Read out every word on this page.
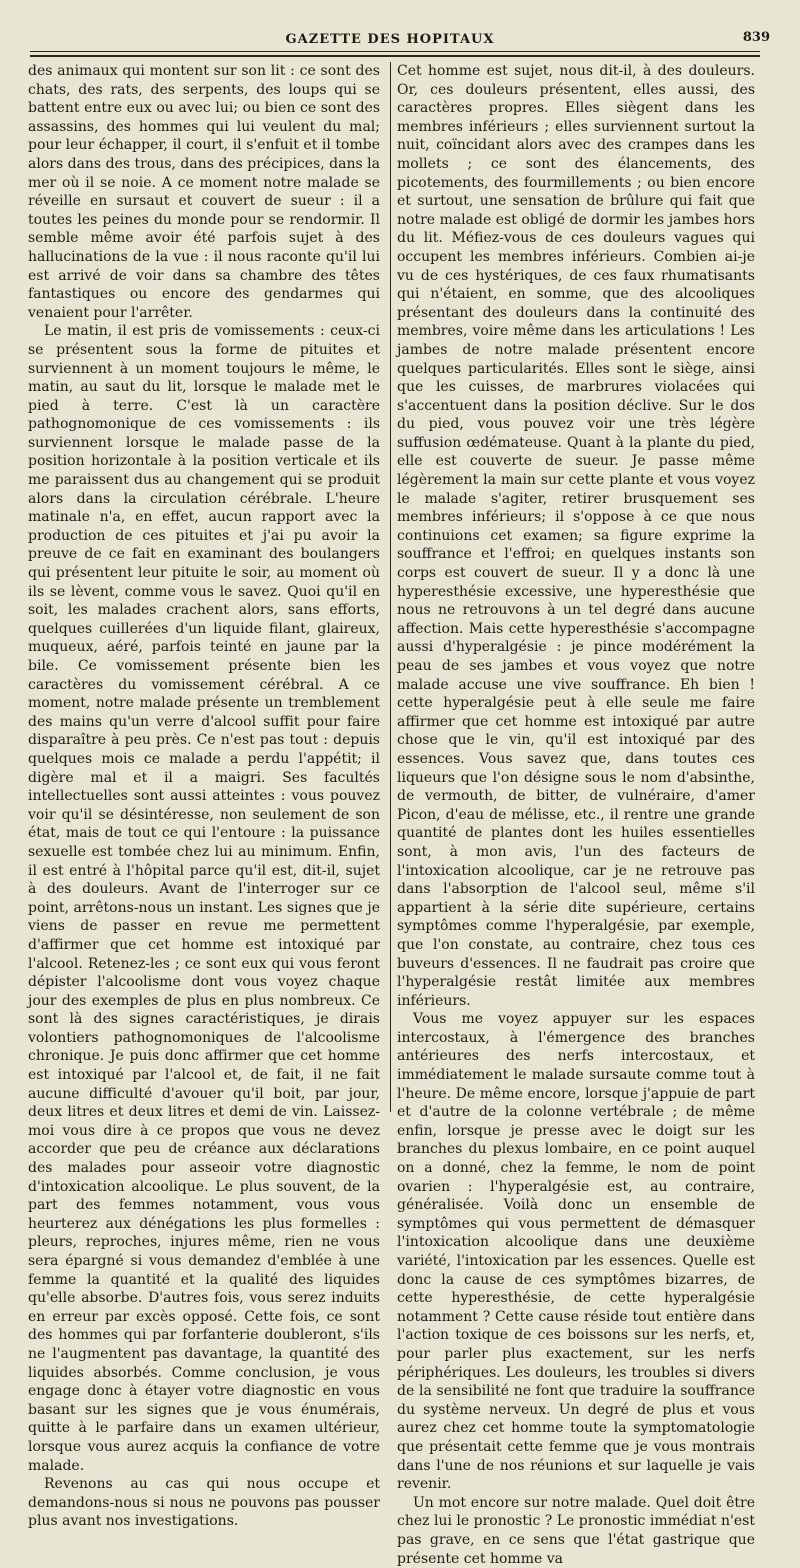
GAZETTE DES HOPITAUX	839

des animaux qui montent sur son lit : ce sont des chats, des rats, des serpents, des loups qui se battent entre eux ou avec lui; ou bien ce sont des assassins, des hommes qui lui veulent du mal; pour leur échapper, il court, il s'enfuit et il tombe alors dans des trous, dans des précipices, dans la mer où il se noie. A ce moment notre malade se réveille en sursaut et couvert de sueur : il a toutes les peines du monde pour se rendormir. Il semble même avoir été parfois sujet à des hallucinations de la vue : il nous raconte qu'il lui est arrivé de voir dans sa chambre des têtes fantastiques ou encore des gendarmes qui venaient pour l'arrêter.

Le matin, il est pris de vomissements : ceux-ci se présentent sous la forme de pituites et surviennent à un moment toujours le même, le matin, au saut du lit, lorsque le malade met le pied à terre. C'est là un caractère pathognomonique de ces vomissements : ils surviennent lorsque le malade passe de la position horizontale à la position verticale et ils me paraissent dus au changement qui se produit alors dans la circulation cérébrale. L'heure matinale n'a, en effet, aucun rapport avec la production de ces pituites et j'ai pu avoir la preuve de ce fait en examinant des boulangers qui présentent leur pituite le soir, au moment où ils se lèvent, comme vous le savez. Quoi qu'il en soit, les malades crachent alors, sans efforts, quelques cuillerées d'un liquide filant, glaireux, muqueux, aéré, parfois teinté en jaune par la bile. Ce vomissement présente bien les caractères du vomissement cérébral. A ce moment, notre malade présente un tremblement des mains qu'un verre d'alcool suffit pour faire disparaître à peu près. Ce n'est pas tout : depuis quelques mois ce malade a perdu l'appétit; il digère mal et il a maigri. Ses facultés intellectuelles sont aussi atteintes : vous pouvez voir qu'il se désintéresse, non seulement de son état, mais de tout ce qui l'entoure : la puissance sexuelle est tombée chez lui au minimum. Enfin, il est entré à l'hôpital parce qu'il est, dit-il, sujet à des douleurs. Avant de l'interroger sur ce point, arrêtons-nous un instant. Les signes que je viens de passer en revue me permettent d'affirmer que cet homme est intoxiqué par l'alcool. Retenez-les ; ce sont eux qui vous feront dépister l'alcoolisme dont vous voyez chaque jour des exemples de plus en plus nombreux. Ce sont là des signes caractéristiques, je dirais volontiers pathognomoniques de l'alcoolisme chronique. Je puis donc affirmer que cet homme est intoxiqué par l'alcool et, de fait, il ne fait aucune difficulté d'avouer qu'il boit, par jour, deux litres et deux litres et demi de vin. Laissez-moi vous dire à ce propos que vous ne devez accorder que peu de créance aux déclarations des malades pour asseoir votre diagnostic d'intoxication alcoolique. Le plus souvent, de la part des femmes notamment, vous vous heurterez aux dénégations les plus formelles : pleurs, reproches, injures même, rien ne vous sera épargné si vous demandez d'emblée à une femme la quantité et la qualité des liquides qu'elle absorbe. D'autres fois, vous serez induits en erreur par excès opposé. Cette fois, ce sont des hommes qui par forfanterie doubleront, s'ils ne l'augmentent pas davantage, la quantité des liquides absorbés. Comme conclusion, je vous engage donc à étayer votre diagnostic en vous basant sur les signes que je vous énumérais, quitte à le parfaire dans un examen ultérieur, lorsque vous aurez acquis la confiance de votre malade.

Revenons au cas qui nous occupe et demandons-nous si nous ne pouvons pas pousser plus avant nos investigations.

Cet homme est sujet, nous dit-il, à des douleurs. Or, ces douleurs présentent, elles aussi, des caractères propres. Elles siègent dans les membres inférieurs ; elles surviennent surtout la nuit, coïncidant alors avec des crampes dans les mollets ; ce sont des élancements, des picotements, des fourmillements ; ou bien encore et surtout, une sensation de brûlure qui fait que notre malade est obligé de dormir les jambes hors du lit. Méfiez-vous de ces douleurs vagues qui occupent les membres inférieurs. Combien ai-je vu de ces hystériques, de ces faux rhumatisants qui n'étaient, en somme, que des alcooliques présentant des douleurs dans la continuité des membres, voire même dans les articulations ! Les jambes de notre malade présentent encore quelques particularités. Elles sont le siège, ainsi que les cuisses, de marbrures violacées qui s'accentuent dans la position déclive. Sur le dos du pied, vous pouvez voir une très légère suffusion œdémateuse. Quant à la plante du pied, elle est couverte de sueur. Je passe même légèrement la main sur cette plante et vous voyez le malade s'agiter, retirer brusquement ses membres inférieurs; il s'oppose à ce que nous continuions cet examen; sa figure exprime la souffrance et l'effroi; en quelques instants son corps est couvert de sueur. Il y a donc là une hyperesthésie excessive, une hyperesthésie que nous ne retrouvons à un tel degré dans aucune affection. Mais cette hyperesthésie s'accompagne aussi d'hyperalgésie : je pince modérément la peau de ses jambes et vous voyez que notre malade accuse une vive souffrance. Eh bien ! cette hyperalgésie peut à elle seule me faire affirmer que cet homme est intoxiqué par autre chose que le vin, qu'il est intoxiqué par des essences. Vous savez que, dans toutes ces liqueurs que l'on désigne sous le nom d'absinthe, de vermouth, de bitter, de vulnéraire, d'amer Picon, d'eau de mélisse, etc., il rentre une grande quantité de plantes dont les huiles essentielles sont, à mon avis, l'un des facteurs de l'intoxication alcoolique, car je ne retrouve pas dans l'absorption de l'alcool seul, même s'il appartient à la série dite supérieure, certains symptômes comme l'hyperalgésie, par exemple, que l'on constate, au contraire, chez tous ces buveurs d'essences. Il ne faudrait pas croire que l'hyperalgésie restât limitée aux membres inférieurs.

Vous me voyez appuyer sur les espaces intercostaux, à l'émergence des branches antérieures des nerfs intercostaux, et immédiatement le malade sursaute comme tout à l'heure. De même encore, lorsque j'appuie de part et d'autre de la colonne vertébrale ; de même enfin, lorsque je presse avec le doigt sur les branches du plexus lombaire, en ce point auquel on a donné, chez la femme, le nom de point ovarien : l'hyperalgésie est, au contraire, généralisée. Voilà donc un ensemble de symptômes qui vous permettent de démasquer l'intoxication alcoolique dans une deuxième variété, l'intoxication par les essences. Quelle est donc la cause de ces symptômes bizarres, de cette hyperesthésie, de cette hyperalgésie notamment ? Cette cause réside tout entière dans l'action toxique de ces boissons sur les nerfs, et, pour parler plus exactement, sur les nerfs périphériques. Les douleurs, les troubles si divers de la sensibilité ne font que traduire la souffrance du système nerveux. Un degré de plus et vous aurez chez cet homme toute la symptomatologie que présentait cette femme que je vous montrais dans l'une de nos réunions et sur laquelle je vais revenir.

Un mot encore sur notre malade. Quel doit être chez lui le pronostic ? Le pronostic immédiat n'est pas grave, en ce sens que l'état gastrique que présente cet homme va
